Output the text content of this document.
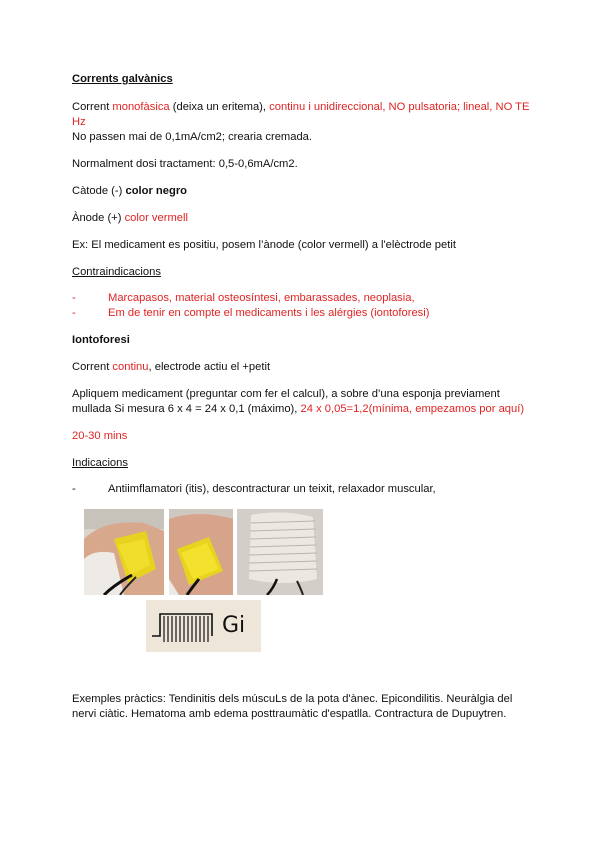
Corrents galvànics
Corrent monofàsica (deixa un eritema), continu i unidireccional, NO pulsatoria; lineal, NO TE Hz
No passen mai de 0,1mA/cm2; crearia cremada.
Normalment dosi tractament: 0,5-0,6mA/cm2.
Càtode (-) color negro
Ànode (+) color vermell
Ex: El medicament es positiu, posem l’ànode (color vermell) a l'elèctrode petit
Contraindicacions
-	Marcapasos, material osteosíntesi, embarassades, neoplasia,
-	Em de tenir en compte el medicaments i les alérgies (iontoforesi)
Iontoforesi
Corrent continu, electrode actiu el +petit
Apliquem medicament (preguntar com fer el calcul), a sobre d’una esponja previament
mullada Si mesura 6 x 4 = 24 x 0,1 (máximo), 24 x 0,05=1,2(mínima, empezamos por aquí)
20-30 mins
Indicacions
-	Antiimflamatori (itis), descontracturar un teixit, relaxador muscular,
Exemples pràctics: Tendinitis dels múscuLs de la pota d'ànec. Epicondilitis. Neuràlgia del
nervi ciàtic. Hematoma amb edema posttraumàtic d'espatlla. Contractura de Dupuytren.
Gi
